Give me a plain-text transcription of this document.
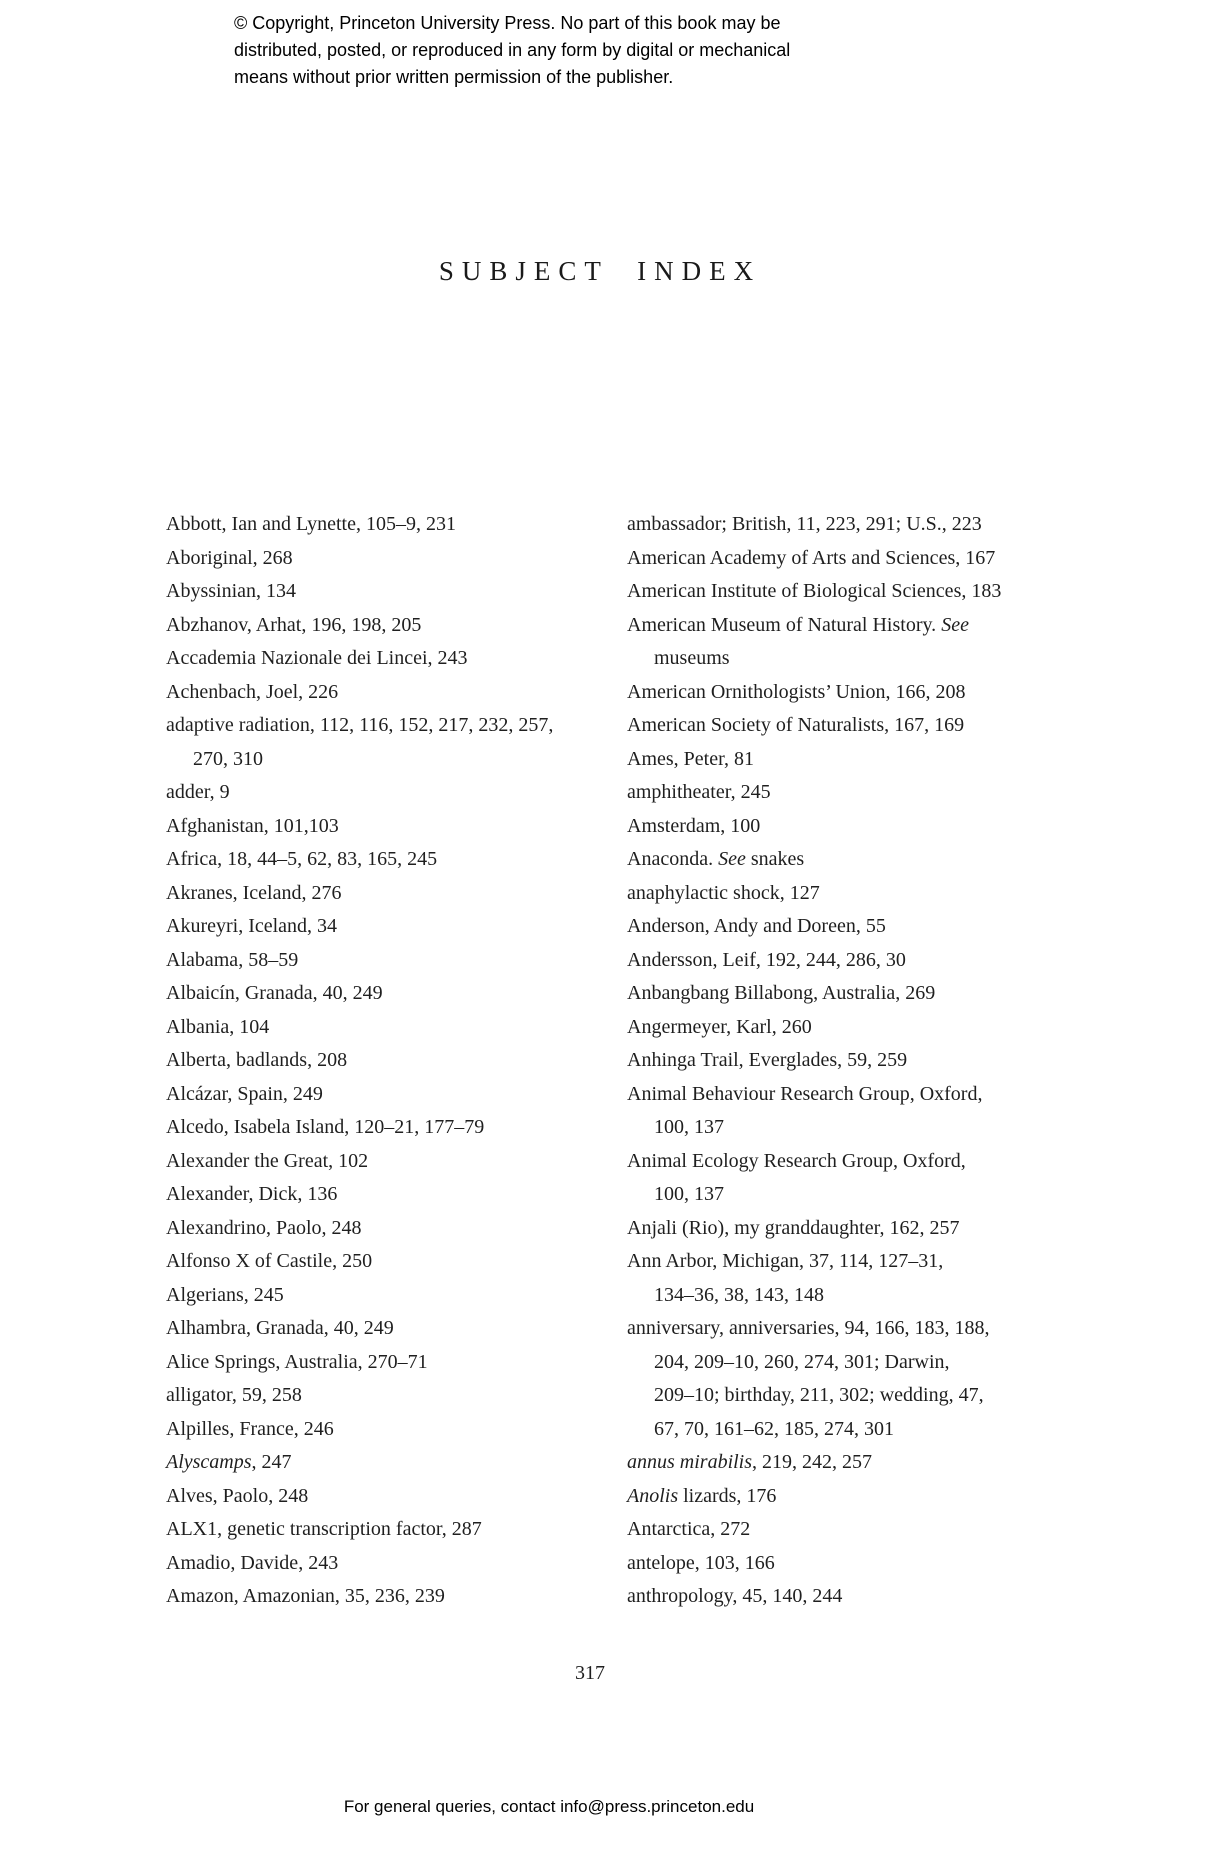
© Copyright, Princeton University Press. No part of this book may be
distributed, posted, or reproduced in any form by digital or mechanical
means without prior written permission of the publisher.
SUBJECT INDEX
Abbott, Ian and Lynette, 105–9, 231
Aboriginal, 268
Abyssinian, 134
Abzhanov, Arhat, 196, 198, 205
Accademia Nazionale dei Lincei, 243
Achenbach, Joel, 226
adaptive radiation, 112, 116, 152, 217, 232, 257,
270, 310
adder, 9
Afghanistan, 101,103
Africa, 18, 44–5, 62, 83, 165, 245
Akranes, Iceland, 276
Akureyri, Iceland, 34
Alabama, 58–59
Albaicín, Granada, 40, 249
Albania, 104
Alberta, badlands, 208
Alcázar, Spain, 249
Alcedo, Isabela Island, 120–21, 177–79
Alexander the Great, 102
Alexander, Dick, 136
Alexandrino, Paolo, 248
Alfonso X of Castile, 250
Algerians, 245
Alhambra, Granada, 40, 249
Alice Springs, Australia, 270–71
alligator, 59, 258
Alpilles, France, 246
Alyscamps, 247
Alves, Paolo, 248
ALX1, genetic transcription factor, 287
Amadio, Davide, 243
Amazon, Amazonian, 35, 236, 239
ambassador; British, 11, 223, 291; U.S., 223
American Academy of Arts and Sciences, 167
American Institute of Biological Sciences, 183
American Museum of Natural History. See
museums
American Ornithologists’ Union, 166, 208
American Society of Naturalists, 167, 169
Ames, Peter, 81
amphitheater, 245
Amsterdam, 100
Anaconda. See snakes
anaphylactic shock, 127
Anderson, Andy and Doreen, 55
Andersson, Leif, 192, 244, 286, 30
Anbangbang Billabong, Australia, 269
Angermeyer, Karl, 260
Anhinga Trail, Everglades, 59, 259
Animal Behaviour Research Group, Oxford,
100, 137
Animal Ecology Research Group, Oxford,
100, 137
Anjali (Rio), my granddaughter, 162, 257
Ann Arbor, Michigan, 37, 114, 127–31,
134–36, 38, 143, 148
anniversary, anniversaries, 94, 166, 183, 188,
204, 209–10, 260, 274, 301; Darwin,
209–10; birthday, 211, 302; wedding, 47,
67, 70, 161–62, 185, 274, 301
annus mirabilis, 219, 242, 257
Anolis lizards, 176
Antarctica, 272
antelope, 103, 166
anthropology, 45, 140, 244
317
For general queries, contact info@press.princeton.edu
